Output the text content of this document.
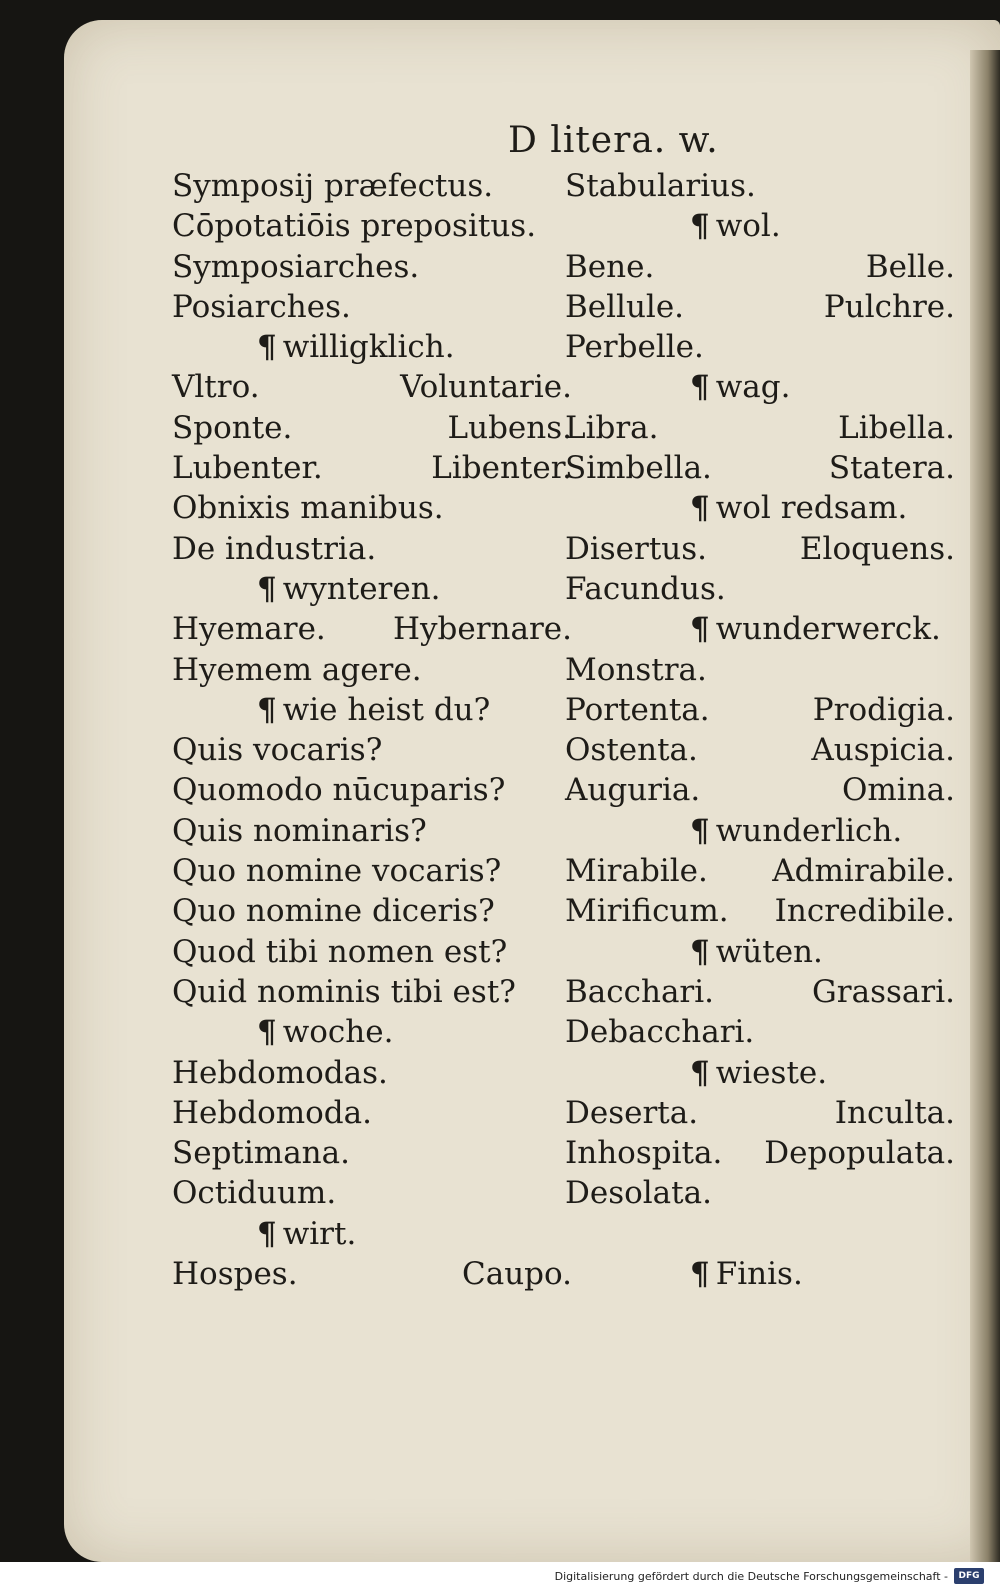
D litera. w.

Symposij præfectus.
Cōpotatiōis prepositus.
Symposiarches.
Posiarches.
¶ willigklich.
Vltro.	Voluntarie.
Sponte.	Lubens.
Lubenter.	Libenter.
Obnixis manibus.
De industria.
¶ wynteren.
Hyemare. Hybernare.
Hyemem agere.
¶ wie heist du?
Quis vocaris?
Quomodo nūcuparis?
Quis nominaris?
Quo nomine vocaris?
Quo nomine diceris?
Quod tibi nomen est?
Quid nominis tibi est?
¶ woche.
Hebdomodas.
Hebdomoda.
Septimana.
Octiduum.
¶ wirt.
Hospes.	Caupo.
Stabularius.
¶ wol.
Bene.	Belle.
Bellule.	Pulchre.
Perbelle.
¶ wag.
Libra.	Libella.
Simbella.	Statera.
¶ wol redsam.
Disertus.	Eloquens.
Facundus.
¶ wunderwerck.
Monstra.
Portenta.	Prodigia.
Ostenta.	Auspicia.
Auguria.	Omina.
¶ wunderlich.
Mirabile. Admirabile.
Mirificum. Incredibile.
¶ wüten.
Bacchari.	Grassari.
Debacchari.
¶ wieste.
Deserta.	Inculta.
Inhospita. Depopulata.
Desolata.
¶ Finis.

Digitalisierung gefördert durch die Deutsche Forschungsgemeinschaft -	DFG
